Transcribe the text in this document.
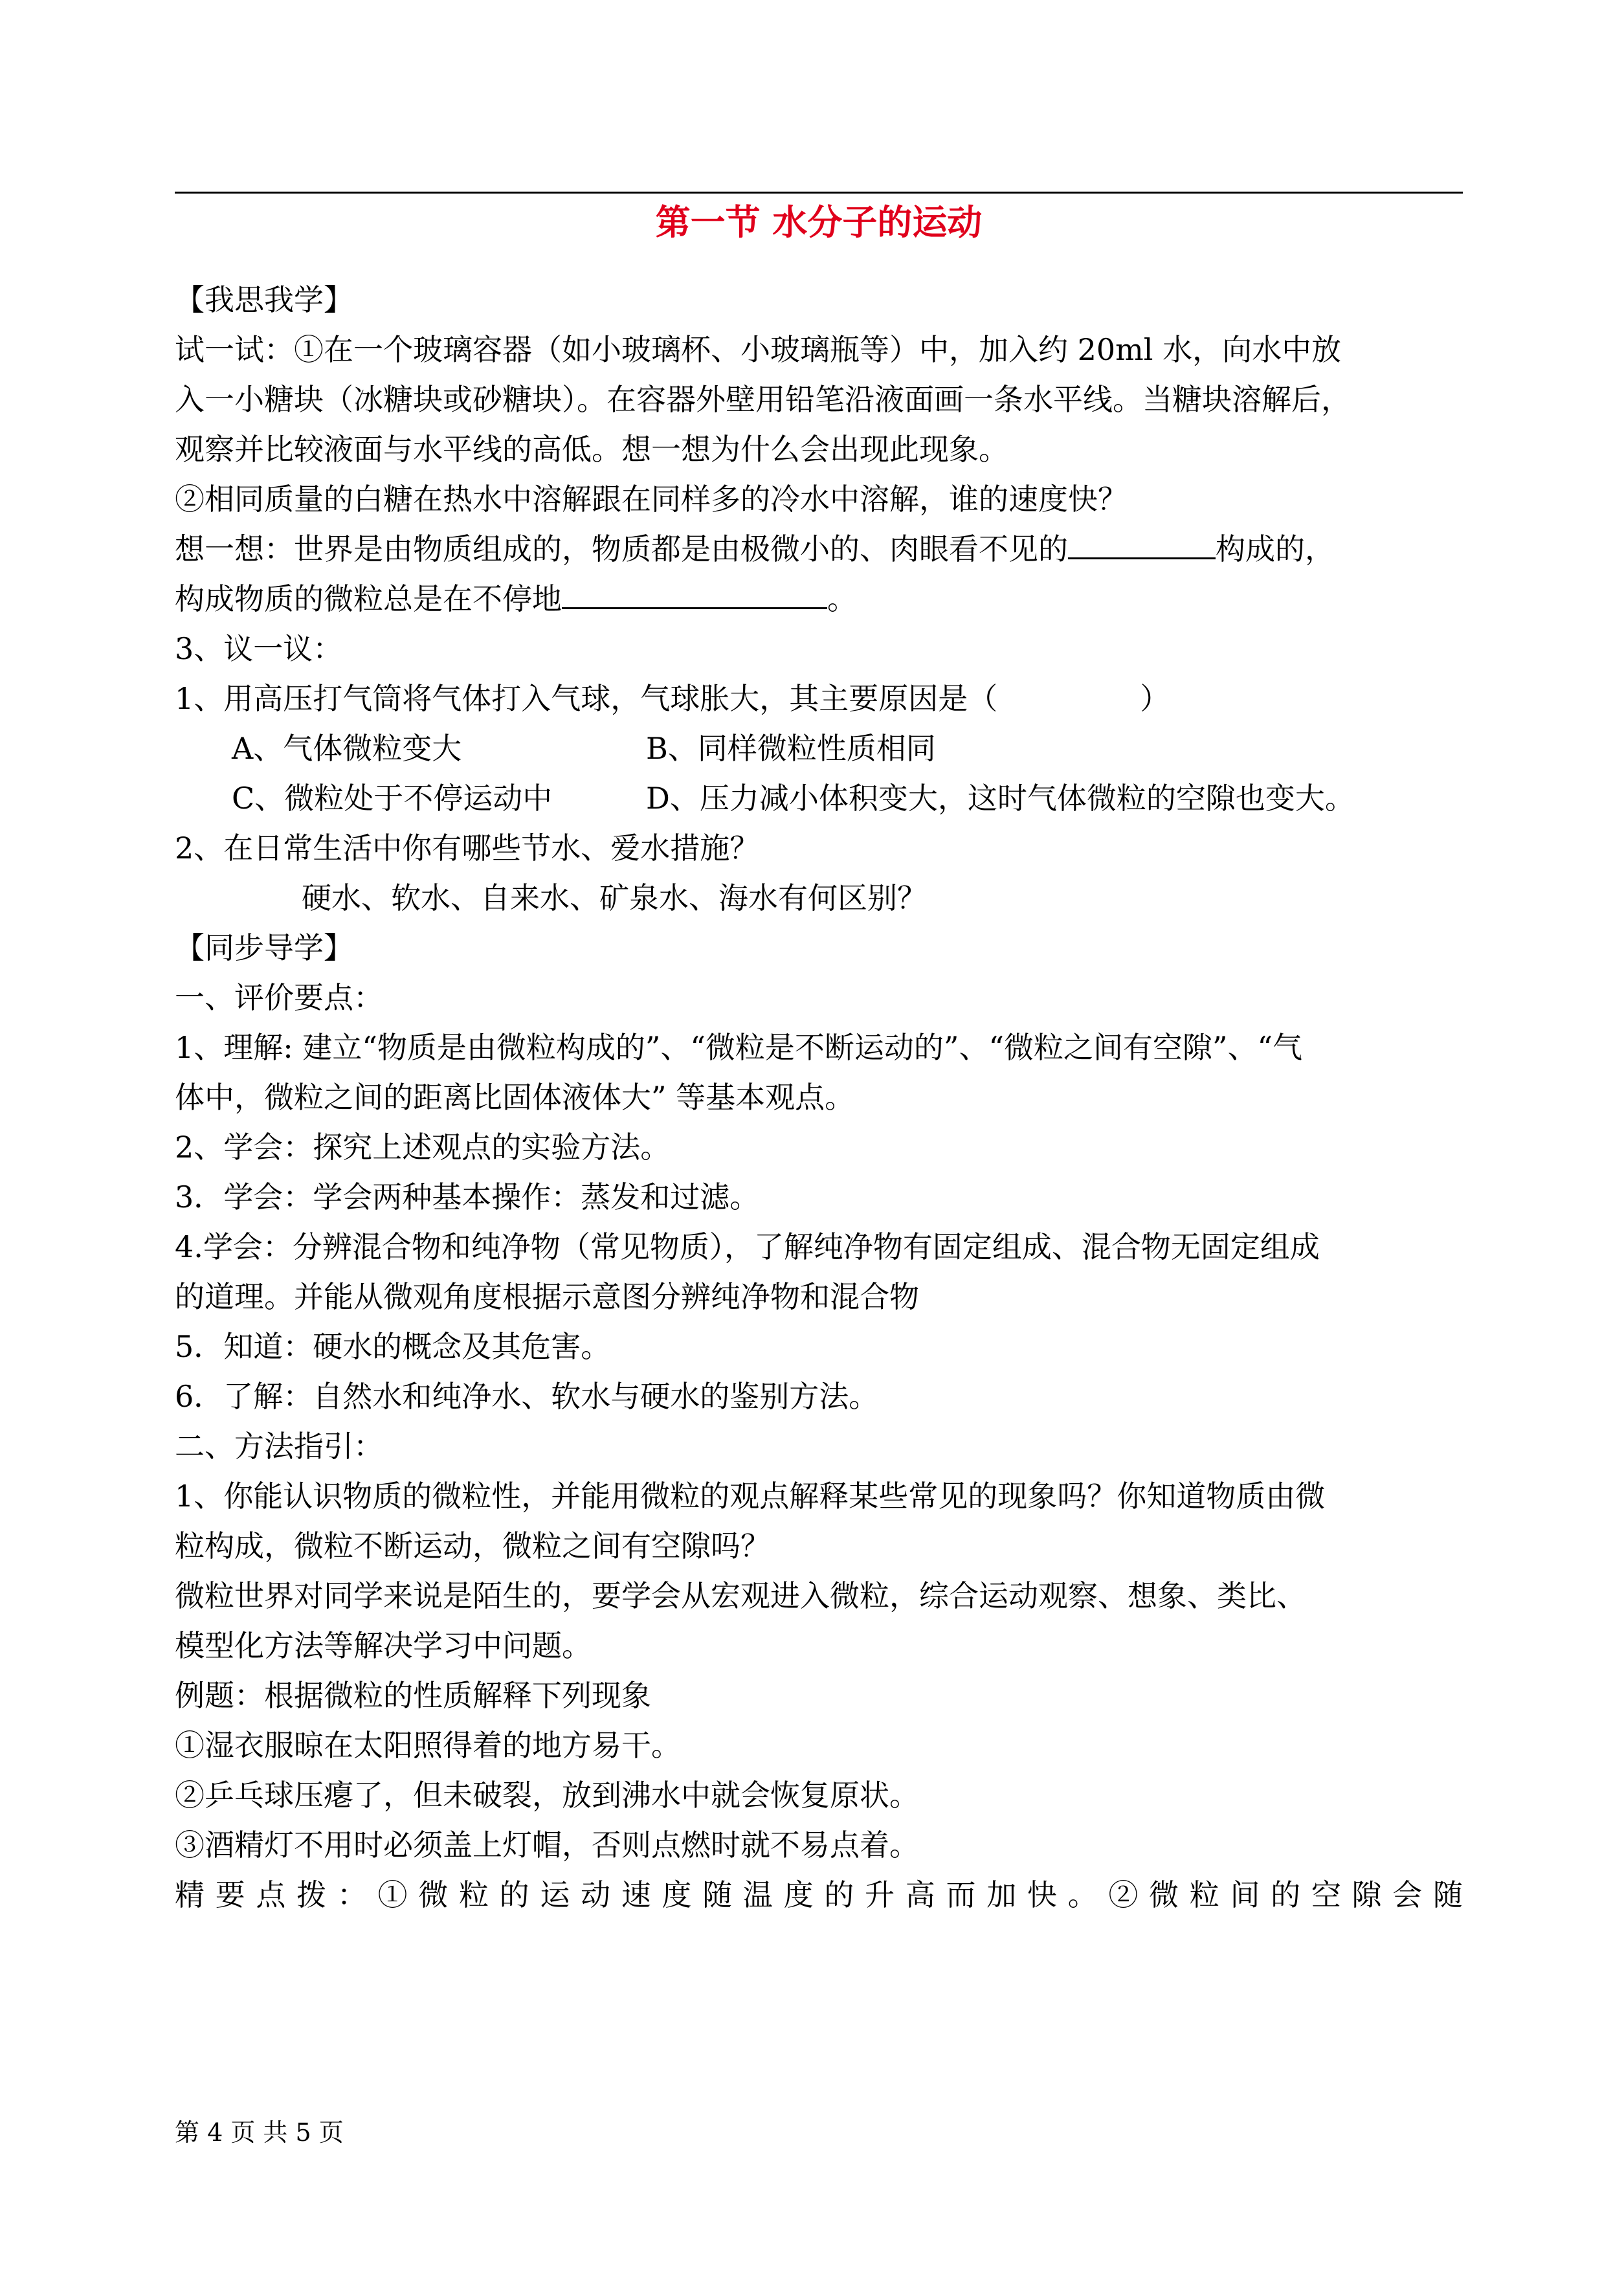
第一节 水分子的运动

【我思我学】

试一试：①在一个玻璃容器（如小玻璃杯、小玻璃瓶等）中，加入约 20ml 水，向水中放

入一小糖块（冰糖块或砂糖块）。在容器外壁用铅笔沿液面画一条水平线。当糖块溶解后，

观察并比较液面与水平线的高低。想一想为什么会出现此现象。

②相同质量的白糖在热水中溶解跟在同样多的冷水中溶解，谁的速度快？

想一想：世界是由物质组成的，物质都是由极微小的、肉眼看不见的	构成的，

构成物质的微粒总是在不停地	。

3、议一议：

1、用高压打气筒将气体打入气球，气球胀大，其主要原因是（	）

A、气体微粒变大	B、同样微粒性质相同

C、微粒处于不停运动中	D、压力减小体积变大，这时气体微粒的空隙也变大。

2、在日常生活中你有哪些节水、爱水措施？

硬水、软水、自来水、矿泉水、海水有何区别？

【同步导学】

一、评价要点：

1、理解: 建立“物质是由微粒构成的”、“微粒是不断运动的”、“微粒之间有空隙”、“气

体中，微粒之间的距离比固体液体大” 等基本观点。

2、学会：探究上述观点的实验方法。

3．学会：学会两种基本操作：蒸发和过滤。

4.学会：分辨混合物和纯净物（常见物质），了解纯净物有固定组成、混合物无固定组成

的道理。并能从微观角度根据示意图分辨纯净物和混合物

5．知道：硬水的概念及其危害。

6．了解：自然水和纯净水、软水与硬水的鉴别方法。

二、方法指引：

1、你能认识物质的微粒性，并能用微粒的观点解释某些常见的现象吗？你知道物质由微

粒构成，微粒不断运动，微粒之间有空隙吗？

微粒世界对同学来说是陌生的，要学会从宏观进入微粒，综合运动观察、想象、类比、

模型化方法等解决学习中问题。

例题：根据微粒的性质解释下列现象

①湿衣服晾在太阳照得着的地方易干。

②乒乓球压瘪了，但未破裂，放到沸水中就会恢复原状。

③酒精灯不用时必须盖上灯帽，否则点燃时就不易点着。

精要点拨：①微粒的运动速度随温度的升高而加快。②微粒间的空隙会随

第 4 页 共 5 页
